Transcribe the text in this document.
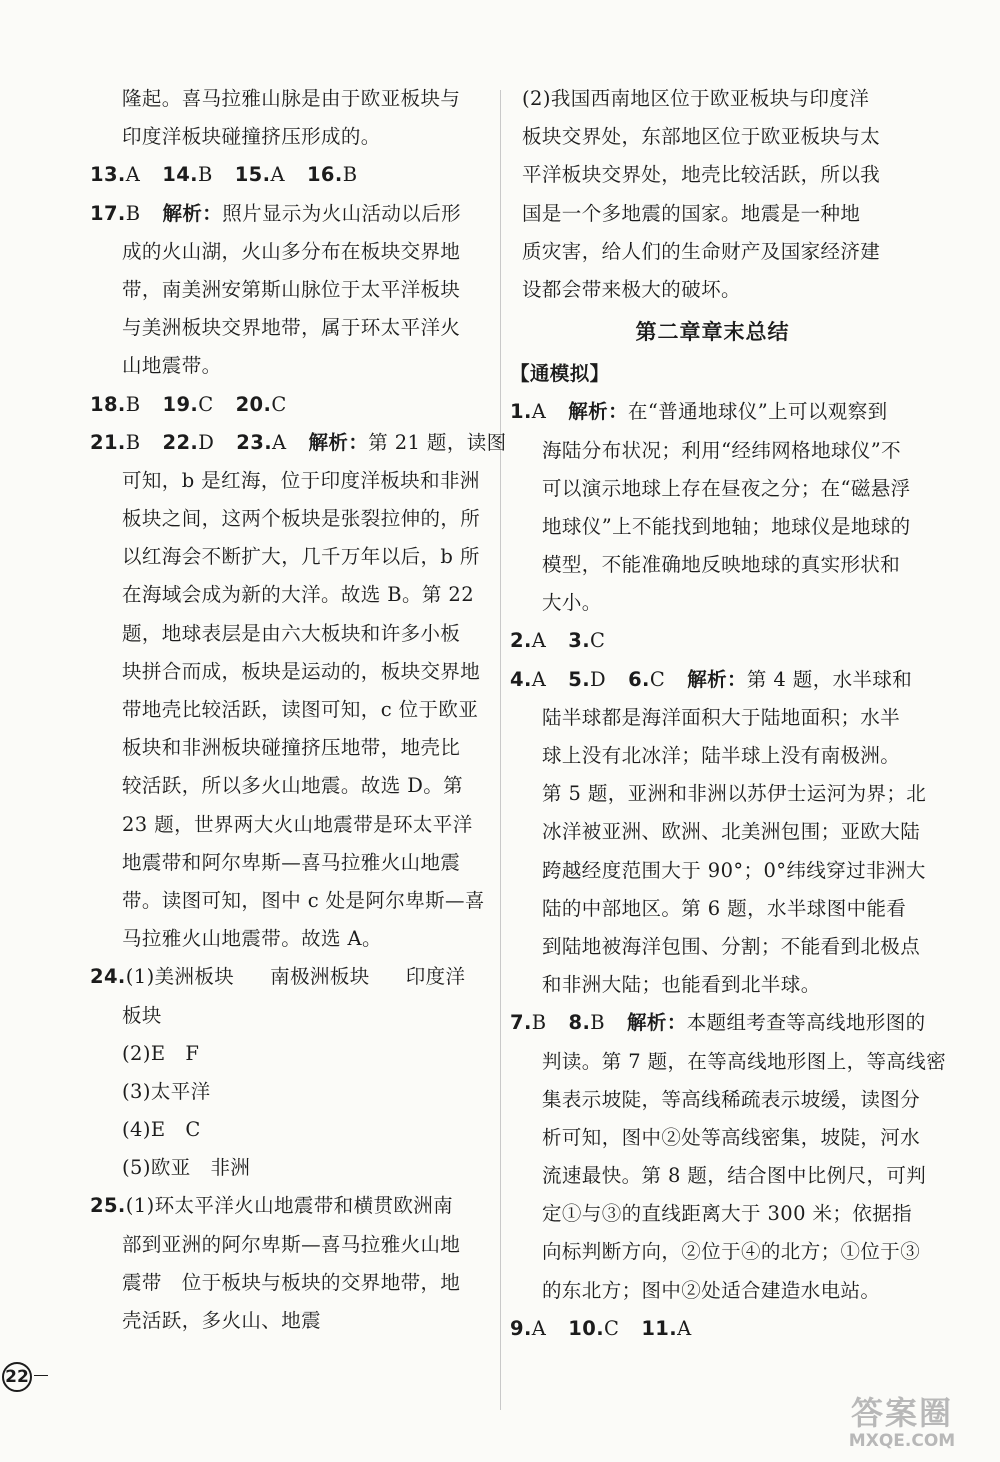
隆起。喜马拉雅山脉是由于欧亚板块与
印度洋板块碰撞挤压形成的。
13.A 14.B 15.A 16.B
17.B 解析：照片显示为火山活动以后形
成的火山湖，火山多分布在板块交界地
带，南美洲安第斯山脉位于太平洋板块
与美洲板块交界地带，属于环太平洋火
山地震带。
18.B 19.C 20.C
21.B 22.D 23.A 解析：第 21 题，读图
可知，b 是红海，位于印度洋板块和非洲
板块之间，这两个板块是张裂拉伸的，所
以红海会不断扩大，几千万年以后，b 所
在海域会成为新的大洋。故选 B。第 22
题，地球表层是由六大板块和许多小板
块拼合而成，板块是运动的，板块交界地
带地壳比较活跃，读图可知，c 位于欧亚
板块和非洲板块碰撞挤压地带，地壳比
较活跃，所以多火山地震。故选 D。第
23 题，世界两大火山地震带是环太平洋
地震带和阿尔卑斯—喜马拉雅火山地震
带。读图可知，图中 c 处是阿尔卑斯—喜
马拉雅火山地震带。故选 A。
24.(1)美洲板块 南极洲板块 印度洋
板块
(2)E　F
(3)太平洋
(4)E　C
(5)欧亚　非洲
25.(1)环太平洋火山地震带和横贯欧洲南
部到亚洲的阿尔卑斯—喜马拉雅火山地
震带　位于板块与板块的交界地带，地
壳活跃，多火山、地震
(2)我国西南地区位于欧亚板块与印度洋
板块交界处，东部地区位于欧亚板块与太
平洋板块交界处，地壳比较活跃，所以我
国是一个多地震的国家。地震是一种地
质灾害，给人们的生命财产及国家经济建
设都会带来极大的破坏。
第二章章末总结
【通模拟】
1.A 解析：在“普通地球仪”上可以观察到
海陆分布状况；利用“经纬网格地球仪”不
可以演示地球上存在昼夜之分；在“磁悬浮
地球仪”上不能找到地轴；地球仪是地球的
模型，不能准确地反映地球的真实形状和
大小。
2.A 3.C
4.A 5.D 6.C 解析：第 4 题，水半球和
陆半球都是海洋面积大于陆地面积；水半
球上没有北冰洋；陆半球上没有南极洲。
第 5 题，亚洲和非洲以苏伊士运河为界；北
冰洋被亚洲、欧洲、北美洲包围；亚欧大陆
跨越经度范围大于 90°；0°纬线穿过非洲大
陆的中部地区。第 6 题，水半球图中能看
到陆地被海洋包围、分割；不能看到北极点
和非洲大陆；也能看到北半球。
7.B 8.B 解析：本题组考查等高线地形图的
判读。第 7 题，在等高线地形图上，等高线密
集表示坡陡，等高线稀疏表示坡缓，读图分
析可知，图中②处等高线密集，坡陡，河水
流速最快。第 8 题，结合图中比例尺，可判
定①与③的直线距离大于 300 米；依据指
向标判断方向，②位于④的北方；①位于③
的东北方；图中②处适合建造水电站。
9.A 10.C 11.A
22
答案圈
MXQE.COM
